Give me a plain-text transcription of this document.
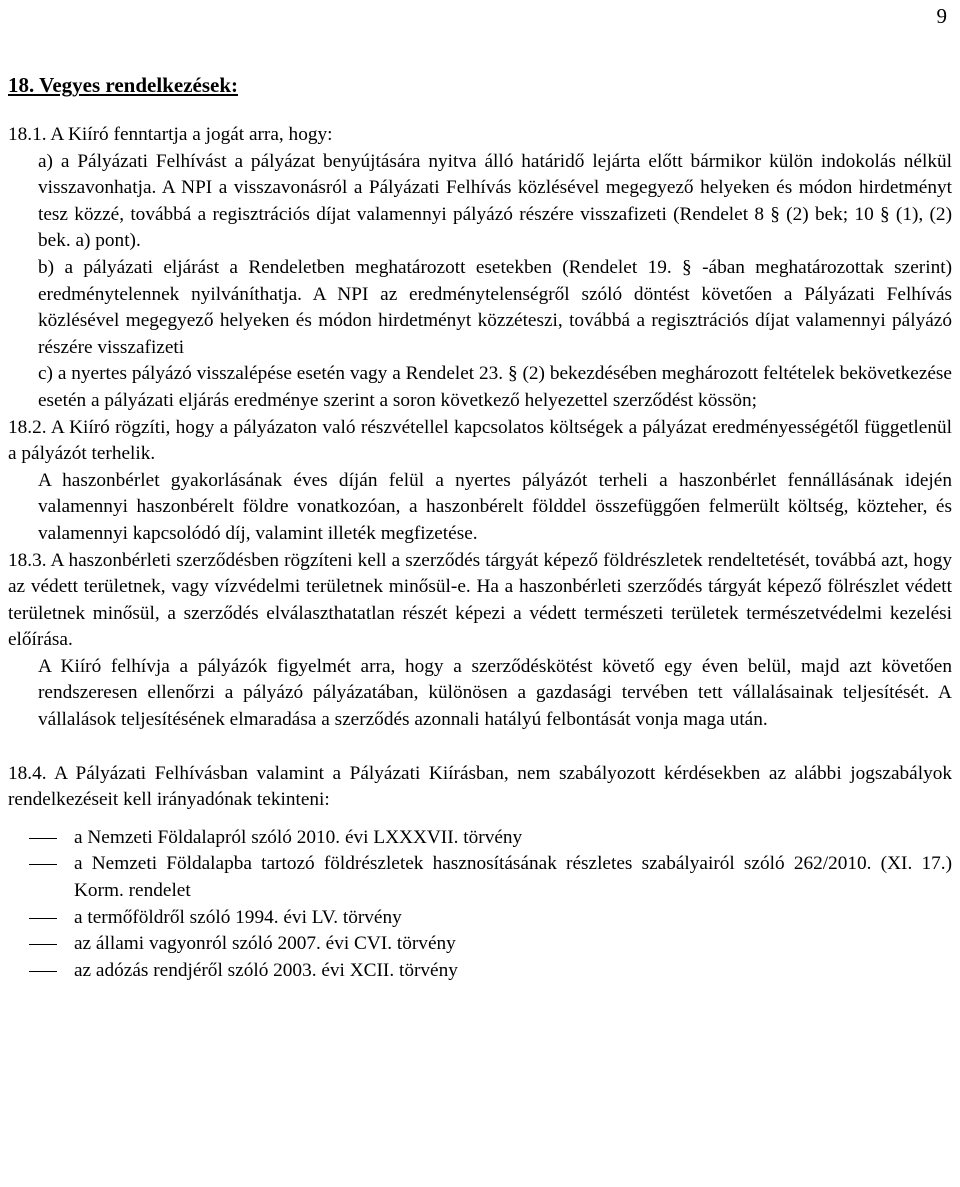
9
18. Vegyes rendelkezések:

18.1. A Kiíró fenntartja a jogát arra, hogy:

a) a Pályázati Felhívást a pályázat benyújtására nyitva álló határidő lejárta előtt bármikor külön indokolás nélkül visszavonhatja. A NPI a visszavonásról a Pályázati Felhívás közlésével megegyező helyeken és módon hirdetményt tesz közzé, továbbá a regisztrációs díjat valamennyi pályázó részére visszafizeti (Rendelet 8 § (2) bek; 10 § (1), (2) bek. a) pont).

b) a pályázati eljárást a Rendeletben meghatározott esetekben (Rendelet 19. § -ában meghatározottak szerint) eredménytelennek nyilváníthatja. A NPI az eredménytelenségről szóló döntést követően a Pályázati Felhívás közlésével megegyező helyeken és módon hirdetményt közzéteszi, továbbá a regisztrációs díjat valamennyi pályázó részére visszafizeti

c) a nyertes pályázó visszalépése esetén vagy a Rendelet 23. § (2) bekezdésében meghározott feltételek bekövetkezése esetén a pályázati eljárás eredménye szerint a soron következő helyezettel szerződést kössön;

18.2. A Kiíró rögzíti, hogy a pályázaton való részvétellel kapcsolatos költségek a pályázat eredményességétől függetlenül a pályázót terhelik.

A haszonbérlet gyakorlásának éves díján felül a nyertes pályázót terheli a haszonbérlet fennállásának idején valamennyi haszonbérelt földre vonatkozóan, a haszonbérelt földdel összefüggően felmerült költség, közteher, és valamennyi kapcsolódó díj, valamint illeték megfizetése.

18.3. A haszonbérleti szerződésben rögzíteni kell a szerződés tárgyát képező földrészletek rendeltetését, továbbá azt, hogy az védett területnek, vagy vízvédelmi területnek minősül-e. Ha a haszonbérleti szerződés tárgyát képező fölrészlet védett területnek minősül, a szerződés elválaszthatatlan részét képezi a védett természeti területek természetvédelmi kezelési előírása.

A Kiíró felhívja a pályázók figyelmét arra, hogy a szerződéskötést követő egy éven belül, majd azt követően rendszeresen ellenőrzi a pályázó pályázatában, különösen a gazdasági tervében tett vállalásainak teljesítését. A vállalások teljesítésének elmaradása a szerződés azonnali hatályú felbontását vonja maga után.

18.4. A Pályázati Felhívásban valamint a Pályázati Kiírásban, nem szabályozott kérdésekben az alábbi jogszabályok rendelkezéseit kell irányadónak tekinteni:

a Nemzeti Földalapról szóló 2010. évi LXXXVII. törvény
a Nemzeti Földalapba tartozó földrészletek hasznosításának részletes szabályairól szóló 262/2010. (XI. 17.) Korm. rendelet
a termőföldről szóló 1994. évi LV. törvény
az állami vagyonról szóló 2007. évi CVI. törvény
az adózás rendjéről szóló 2003. évi XCII. törvény
